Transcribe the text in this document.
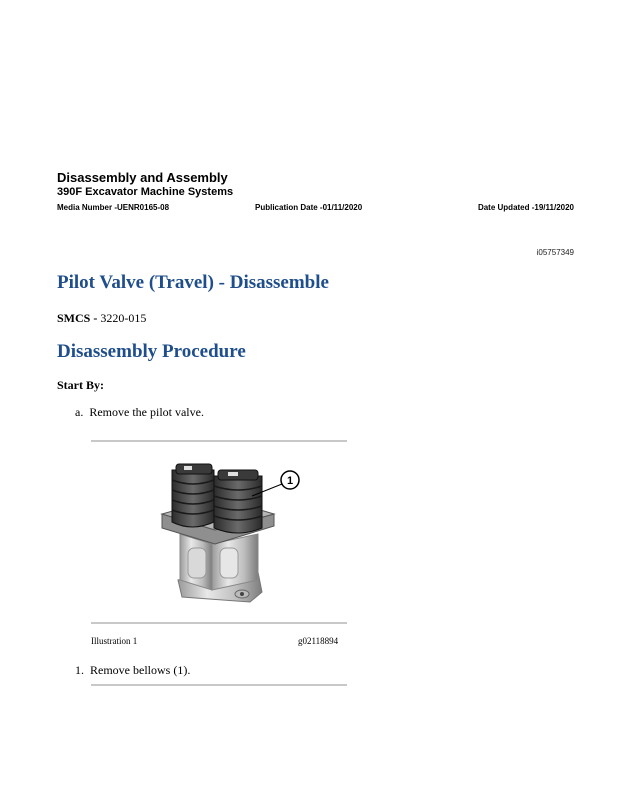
Disassembly and Assembly
390F Excavator Machine Systems
Media Number -UENR0165-08	Publication Date -01/11/2020	Date Updated -19/11/2020
i05757349
Pilot Valve (Travel) - Disassemble
SMCS - 3220-015
Disassembly Procedure
Start By:
a. Remove the pilot valve.
1
Illustration 1	g02118894
1. Remove bellows (1).
